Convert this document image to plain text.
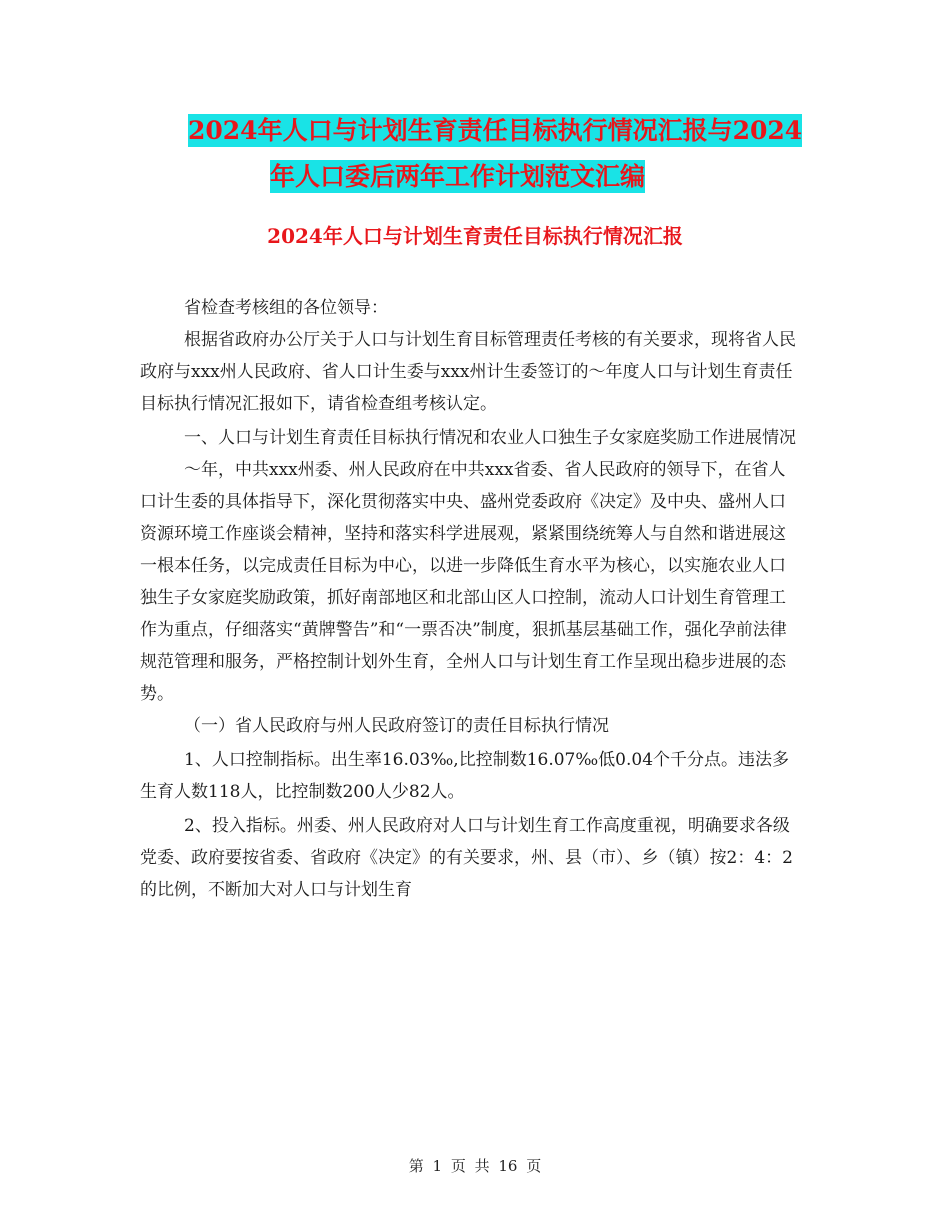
2024年人口与计划生育责任目标执行情况汇报与2024
年人口委后两年工作计划范文汇编
2024年人口与计划生育责任目标执行情况汇报

省检查考核组的各位领导：

根据省政府办公厅关于人口与计划生育目标管理责任考核的有关要求，现将省人民政府与xxx州人民政府、省人口计生委与xxx州计生委签订的～年度人口与计划生育责任目标执行情况汇报如下，请省检查组考核认定。

一、人口与计划生育责任目标执行情况和农业人口独生子女家庭奖励工作进展情况

～年，中共xxx州委、州人民政府在中共xxx省委、省人民政府的领导下，在省人口计生委的具体指导下，深化贯彻落实中央、盛州党委政府《决定》及中央、盛州人口资源环境工作座谈会精神，坚持和落实科学进展观，紧紧围绕统筹人与自然和谐进展这一根本任务，以完成责任目标为中心，以进一步降低生育水平为核心，以实施农业人口独生子女家庭奖励政策，抓好南部地区和北部山区人口控制，流动人口计划生育管理工作为重点，仔细落实“黄牌警告”和“一票否决”制度，狠抓基层基础工作，强化孕前法律规范管理和服务，严格控制计划外生育，全州人口与计划生育工作呈现出稳步进展的态势。

（一）省人民政府与州人民政府签订的责任目标执行情况

1、人口控制指标。出生率16.03‰,比控制数16.07‰低0.04个千分点。违法多生育人数118人，比控制数200人少82人。

2、投入指标。州委、州人民政府对人口与计划生育工作高度重视，明确要求各级党委、政府要按省委、省政府《决定》的有关要求，州、县（市）、乡（镇）按2：4：2的比例，不断加大对人口与计划生育

第 1 页 共 16 页
